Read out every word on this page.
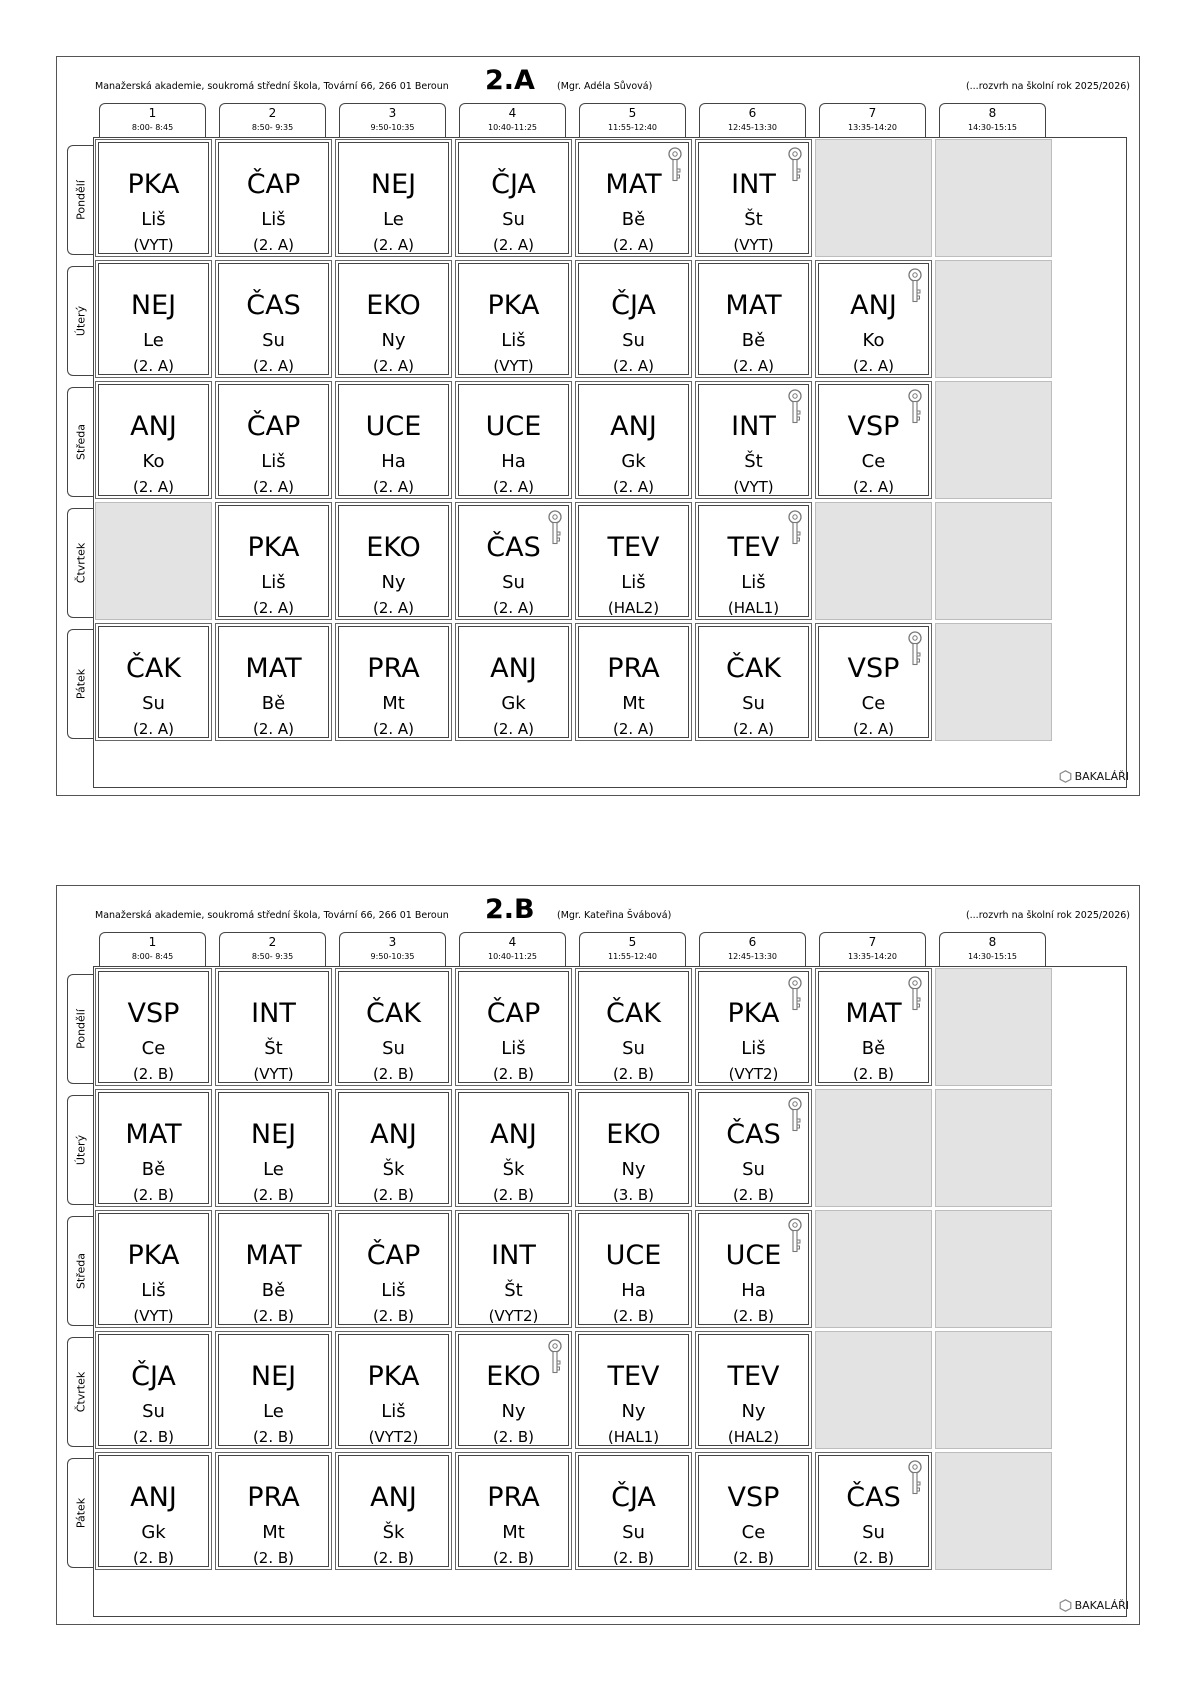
Manažerská akademie, soukromá střední škola, Tovární 66, 266 01 Beroun 2.A (Mgr. Adéla Sůvová)	(...rozvrh na školní rok 2025/2026)
1
8:00- 8:45
2
8:50- 9:35
3
9:50-10:35
4
10:40-11:25
5
11:55-12:40
6
12:45-13:30
7
13:35-14:20
8
14:30-15:15
Pondělí
Úterý
Středa
Čtvrtek
Pátek
PKA
Liš
(VYT)
ČAP
Liš
(2. A)
NEJ
Le
(2. A)
ČJA
Su
(2. A)
MAT
Bě
(2. A)
INT
Št
(VYT)
NEJ
Le
(2. A)
ČAS
Su
(2. A)
EKO
Ny
(2. A)
PKA
Liš
(VYT)
ČJA
Su
(2. A)
MAT
Bě
(2. A)
ANJ
Ko
(2. A)
ANJ
Ko
(2. A)
ČAP
Liš
(2. A)
UCE
Ha
(2. A)
UCE
Ha
(2. A)
ANJ
Gk
(2. A)
INT
Št
(VYT)
VSP
Ce
(2. A)
PKA
Liš
(2. A)
EKO
Ny
(2. A)
ČAS
Su
(2. A)
TEV
Liš
(HAL2)
TEV
Liš
(HAL1)
ČAK
Su
(2. A)
MAT
Bě
(2. A)
PRA
Mt
(2. A)
ANJ
Gk
(2. A)
PRA
Mt
(2. A)
ČAK
Su
(2. A)
VSP
Ce
(2. A)
BAKALÁŘI
Manažerská akademie, soukromá střední škola, Tovární 66, 266 01 Beroun 2.B (Mgr. Kateřina Švábová)	(...rozvrh na školní rok 2025/2026)
1
8:00- 8:45
2
8:50- 9:35
3
9:50-10:35
4
10:40-11:25
5
11:55-12:40
6
12:45-13:30
7
13:35-14:20
8
14:30-15:15
Pondělí
Úterý
Středa
Čtvrtek
Pátek
VSP
Ce
(2. B)
INT
Št
(VYT)
ČAK
Su
(2. B)
ČAP
Liš
(2. B)
ČAK
Su
(2. B)
PKA
Liš
(VYT2)
MAT
Bě
(2. B)
MAT
Bě
(2. B)
NEJ
Le
(2. B)
ANJ
Šk
(2. B)
ANJ
Šk
(2. B)
EKO
Ny
(3. B)
ČAS
Su
(2. B)
PKA
Liš
(VYT)
MAT
Bě
(2. B)
ČAP
Liš
(2. B)
INT
Št
(VYT2)
UCE
Ha
(2. B)
UCE
Ha
(2. B)
ČJA
Su
(2. B)
NEJ
Le
(2. B)
PKA
Liš
(VYT2)
EKO
Ny
(2. B)
TEV
Ny
(HAL1)
TEV
Ny
(HAL2)
ANJ
Gk
(2. B)
PRA
Mt
(2. B)
ANJ
Šk
(2. B)
PRA
Mt
(2. B)
ČJA
Su
(2. B)
VSP
Ce
(2. B)
ČAS
Su
(2. B)
BAKALÁŘI
